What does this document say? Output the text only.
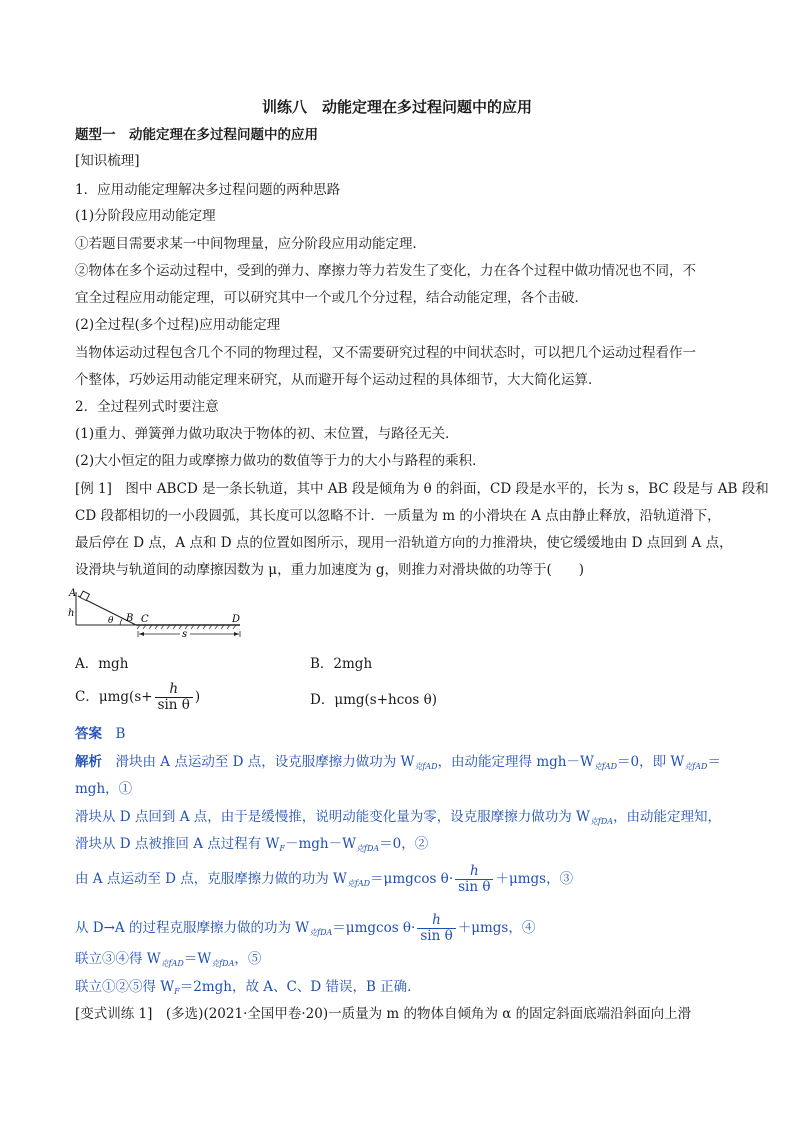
训练八　动能定理在多过程问题中的应用
题型一　动能定理在多过程问题中的应用
[知识梳理]
1．应用动能定理解决多过程问题的两种思路
(1)分阶段应用动能定理
①若题目需要求某一中间物理量，应分阶段应用动能定理．
②物体在多个运动过程中，受到的弹力、摩擦力等力若发生了变化，力在各个过程中做功情况也不同，不
宜全过程应用动能定理，可以研究其中一个或几个分过程，结合动能定理，各个击破．
(2)全过程(多个过程)应用动能定理
当物体运动过程包含几个不同的物理过程，又不需要研究过程的中间状态时，可以把几个运动过程看作一
个整体，巧妙运用动能定理来研究，从而避开每个运动过程的具体细节，大大简化运算．
2．全过程列式时要注意
(1)重力、弹簧弹力做功取决于物体的初、末位置，与路径无关．
(2)大小恒定的阻力或摩擦力做功的数值等于力的大小与路程的乘积．
[例 1]　图中 ABCD 是一条长轨道，其中 AB 段是倾角为 θ 的斜面，CD 段是水平的，长为 s，BC 段是与 AB 段和
CD 段都相切的一小段圆弧，其长度可以忽略不计．一质量为 m 的小滑块在 A 点由静止释放，沿轨道滑下，
最后停在 D 点，A 点和 D 点的位置如图所示，现用一沿轨道方向的力推滑块，使它缓缓地由 D 点回到 A 点，
设滑块与轨道间的动摩擦因数为 μ，重力加速度为 g，则推力对滑块做的功等于(　　)
A
h
θ B C	D
s
A．mgh	B．2mgh
C．$\mu mg(s+ \frac{h}{\text{sin θ}}$ )	D．μmg(s+hcos θ)
答案　 B
解析　 滑块由 A 点运动至 D 点，设克服摩擦力做功为 $W_{克fAD}$，由动能定理得 $mgh-W_{克fAD}=0$，即 $W_{克fAD}=$
mgh，①
滑块从 D 点回到 A 点，由于是缓慢推，说明动能变化量为零，设克服摩擦力做功为 $W_{克fDA}$，由动能定理知，
滑块从 D 点被推回 A 点过程有 $W_F-mgh-W_{克fDA}=0$，②
由 A 点运动至 D 点，克服摩擦力做的功为 $W_{克fAD}=\mu mgcos$ $\theta\cdot \frac{h}{\text{sin θ}} +\mu mgs$，③
从 D→A 的过程克服摩擦力做的功为 $W_{克fDA}=\mu mgcos$ $\theta\cdot \frac{h}{\text{sin θ}} +\mu mgs$，④
联立③④得 $W_{克fAD}=W_{克fDA}$，⑤
联立①②⑤得 $W_F=2mgh$，故 A、C、D 错误，B 正确．
[变式训练 1]　(多选)(2021·全国甲卷·20)一质量为 m 的物体自倾角为 α 的固定斜面底端沿斜面向上滑
